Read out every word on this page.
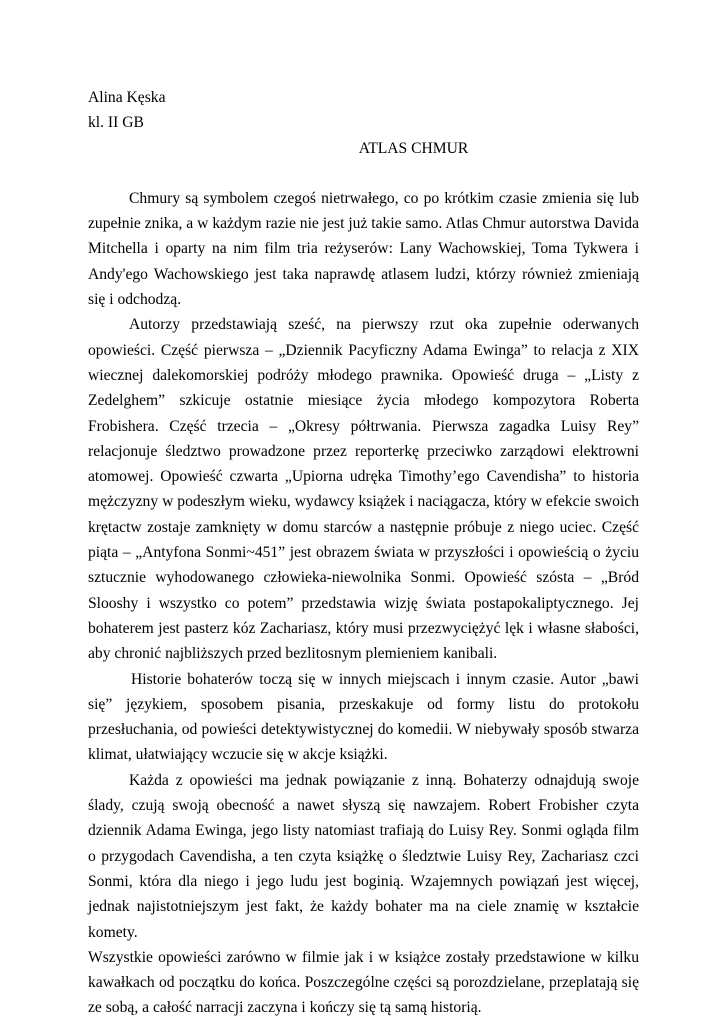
Alina Kęska
kl. II GB
ATLAS CHMUR

Chmury są symbolem czegoś nietrwałego, co po krótkim czasie zmienia się lub zupełnie znika, a w każdym razie nie jest już takie samo. Atlas Chmur autorstwa Davida Mitchella i oparty na nim film tria reżyserów: Lany Wachowskiej, Toma Tykwera i Andy'ego Wachowskiego jest taka naprawdę atlasem ludzi, którzy również zmieniają się i odchodzą.

Autorzy przedstawiają sześć, na pierwszy rzut oka zupełnie oderwanych opowieści. Część pierwsza – „Dziennik Pacyficzny Adama Ewinga” to relacja z XIX wiecznej dalekomorskiej podróży młodego prawnika. Opowieść druga – „Listy z Zedelghem” szkicuje ostatnie miesiące życia młodego kompozytora Roberta Frobishera. Część trzecia – „Okresy półtrwania. Pierwsza zagadka Luisy Rey” relacjonuje śledztwo prowadzone przez reporterkę przeciwko zarządowi elektrowni atomowej. Opowieść czwarta „Upiorna udręka Timothy’ego Cavendisha” to historia mężczyzny w podeszłym wieku, wydawcy książek i naciągacza, który w efekcie swoich krętactw zostaje zamknięty w domu starców a następnie próbuje z niego uciec. Część piąta – „Antyfona Sonmi~451” jest obrazem świata w przyszłości i opowieścią o życiu sztucznie wyhodowanego człowieka-niewolnika Sonmi. Opowieść szósta – „Bród Slooshy i wszystko co potem” przedstawia wizję świata postapokaliptycznego. Jej bohaterem jest pasterz kóz Zachariasz, który musi przezwyciężyć lęk i własne słabości, aby chronić najbliższych przed bezlitosnym plemieniem kanibali.

Historie bohaterów toczą się w innych miejscach i innym czasie. Autor „bawi się” językiem, sposobem pisania, przeskakuje od formy listu do protokołu przesłuchania, od powieści detektywistycznej do komedii. W niebywały sposób stwarza klimat, ułatwiający wczucie się w akcje książki.

Każda z opowieści ma jednak powiązanie z inną. Bohaterzy odnajdują swoje ślady, czują swoją obecność a nawet słyszą się nawzajem. Robert Frobisher czyta dziennik Adama Ewinga, jego listy natomiast trafiają do Luisy Rey. Sonmi ogląda film o przygodach Cavendisha, a ten czyta książkę o śledztwie Luisy Rey, Zachariasz czci Sonmi, która dla niego i jego ludu jest boginią. Wzajemnych powiązań jest więcej, jednak najistotniejszym jest fakt, że każdy bohater ma na ciele znamię w kształcie komety.

Wszystkie opowieści zarówno w filmie jak i w książce zostały przedstawione w kilku kawałkach od początku do końca. Poszczególne części są porozdzielane, przeplatają się ze sobą, a całość narracji zaczyna i kończy się tą samą historią.
